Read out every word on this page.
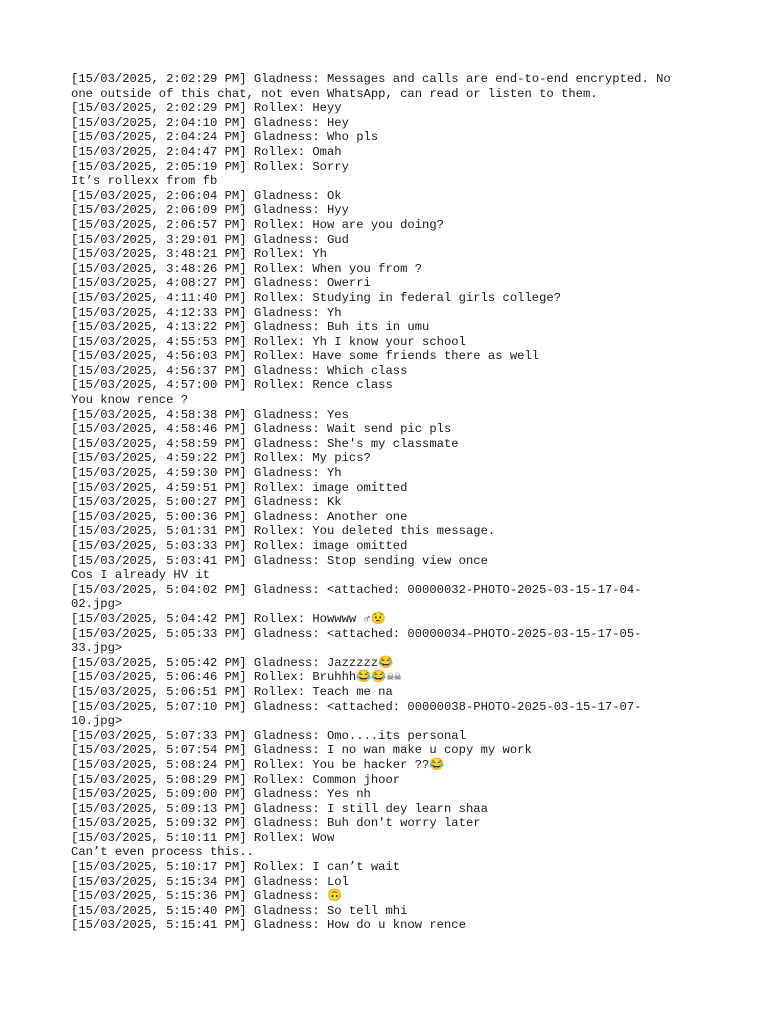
[15/03/2025, 2:02:29 PM] Gladness: Messages and calls are end-to-end encrypted. No
one outside of this chat, not even WhatsApp, can read or listen to them.
[15/03/2025, 2:02:29 PM] Rollex: Heyy
[15/03/2025, 2:04:10 PM] Gladness: Hey
[15/03/2025, 2:04:24 PM] Gladness: Who pls
[15/03/2025, 2:04:47 PM] Rollex: Omah
[15/03/2025, 2:05:19 PM] Rollex: Sorry
It’s rollexx from fb
[15/03/2025, 2:06:04 PM] Gladness: Ok
[15/03/2025, 2:06:09 PM] Gladness: Hyy
[15/03/2025, 2:06:57 PM] Rollex: How are you doing?
[15/03/2025, 3:29:01 PM] Gladness: Gud
[15/03/2025, 3:48:21 PM] Rollex: Yh
[15/03/2025, 3:48:26 PM] Rollex: When you from ?
[15/03/2025, 4:08:27 PM] Gladness: Owerri
[15/03/2025, 4:11:40 PM] Rollex: Studying in federal girls college?
[15/03/2025, 4:12:33 PM] Gladness: Yh
[15/03/2025, 4:13:22 PM] Gladness: Buh its in umu
[15/03/2025, 4:55:53 PM] Rollex: Yh I know your school
[15/03/2025, 4:56:03 PM] Rollex: Have some friends there as well
[15/03/2025, 4:56:37 PM] Gladness: Which class
[15/03/2025, 4:57:00 PM] Rollex: Rence class
You know rence ?
[15/03/2025, 4:58:38 PM] Gladness: Yes
[15/03/2025, 4:58:46 PM] Gladness: Wait send pic pls
[15/03/2025, 4:58:59 PM] Gladness: She's my classmate
[15/03/2025, 4:59:22 PM] Rollex: My pics?
[15/03/2025, 4:59:30 PM] Gladness: Yh
[15/03/2025, 4:59:51 PM] Rollex: image omitted
[15/03/2025, 5:00:27 PM] Gladness: Kk
[15/03/2025, 5:00:36 PM] Gladness: Another one
[15/03/2025, 5:01:31 PM] Rollex: You deleted this message.
[15/03/2025, 5:03:33 PM] Rollex: image omitted
[15/03/2025, 5:03:41 PM] Gladness: Stop sending view once
Cos I already HV it
[15/03/2025, 5:04:02 PM] Gladness: <attached: 00000032-PHOTO-2025-03-15-17-04-
02.jpg>
[15/03/2025, 5:04:42 PM] Rollex: Howwww ♂😟
[15/03/2025, 5:05:33 PM] Gladness: <attached: 00000034-PHOTO-2025-03-15-17-05-
33.jpg>
[15/03/2025, 5:05:42 PM] Gladness: Jazzzzz😂
[15/03/2025, 5:06:46 PM] Rollex: Bruhhh😂😂☠☠
[15/03/2025, 5:06:51 PM] Rollex: Teach me na
[15/03/2025, 5:07:10 PM] Gladness: <attached: 00000038-PHOTO-2025-03-15-17-07-
10.jpg>
[15/03/2025, 5:07:33 PM] Gladness: Omo....its personal
[15/03/2025, 5:07:54 PM] Gladness: I no wan make u copy my work
[15/03/2025, 5:08:24 PM] Rollex: You be hacker ??😂
[15/03/2025, 5:08:29 PM] Rollex: Common jhoor
[15/03/2025, 5:09:00 PM] Gladness: Yes nh
[15/03/2025, 5:09:13 PM] Gladness: I still dey learn shaa
[15/03/2025, 5:09:32 PM] Gladness: Buh don't worry later
[15/03/2025, 5:10:11 PM] Rollex: Wow
Can’t even process this..
[15/03/2025, 5:10:17 PM] Rollex: I can’t wait
[15/03/2025, 5:15:34 PM] Gladness: Lol
[15/03/2025, 5:15:36 PM] Gladness: 🙃
[15/03/2025, 5:15:40 PM] Gladness: So tell mhi
[15/03/2025, 5:15:41 PM] Gladness: How do u know rence
